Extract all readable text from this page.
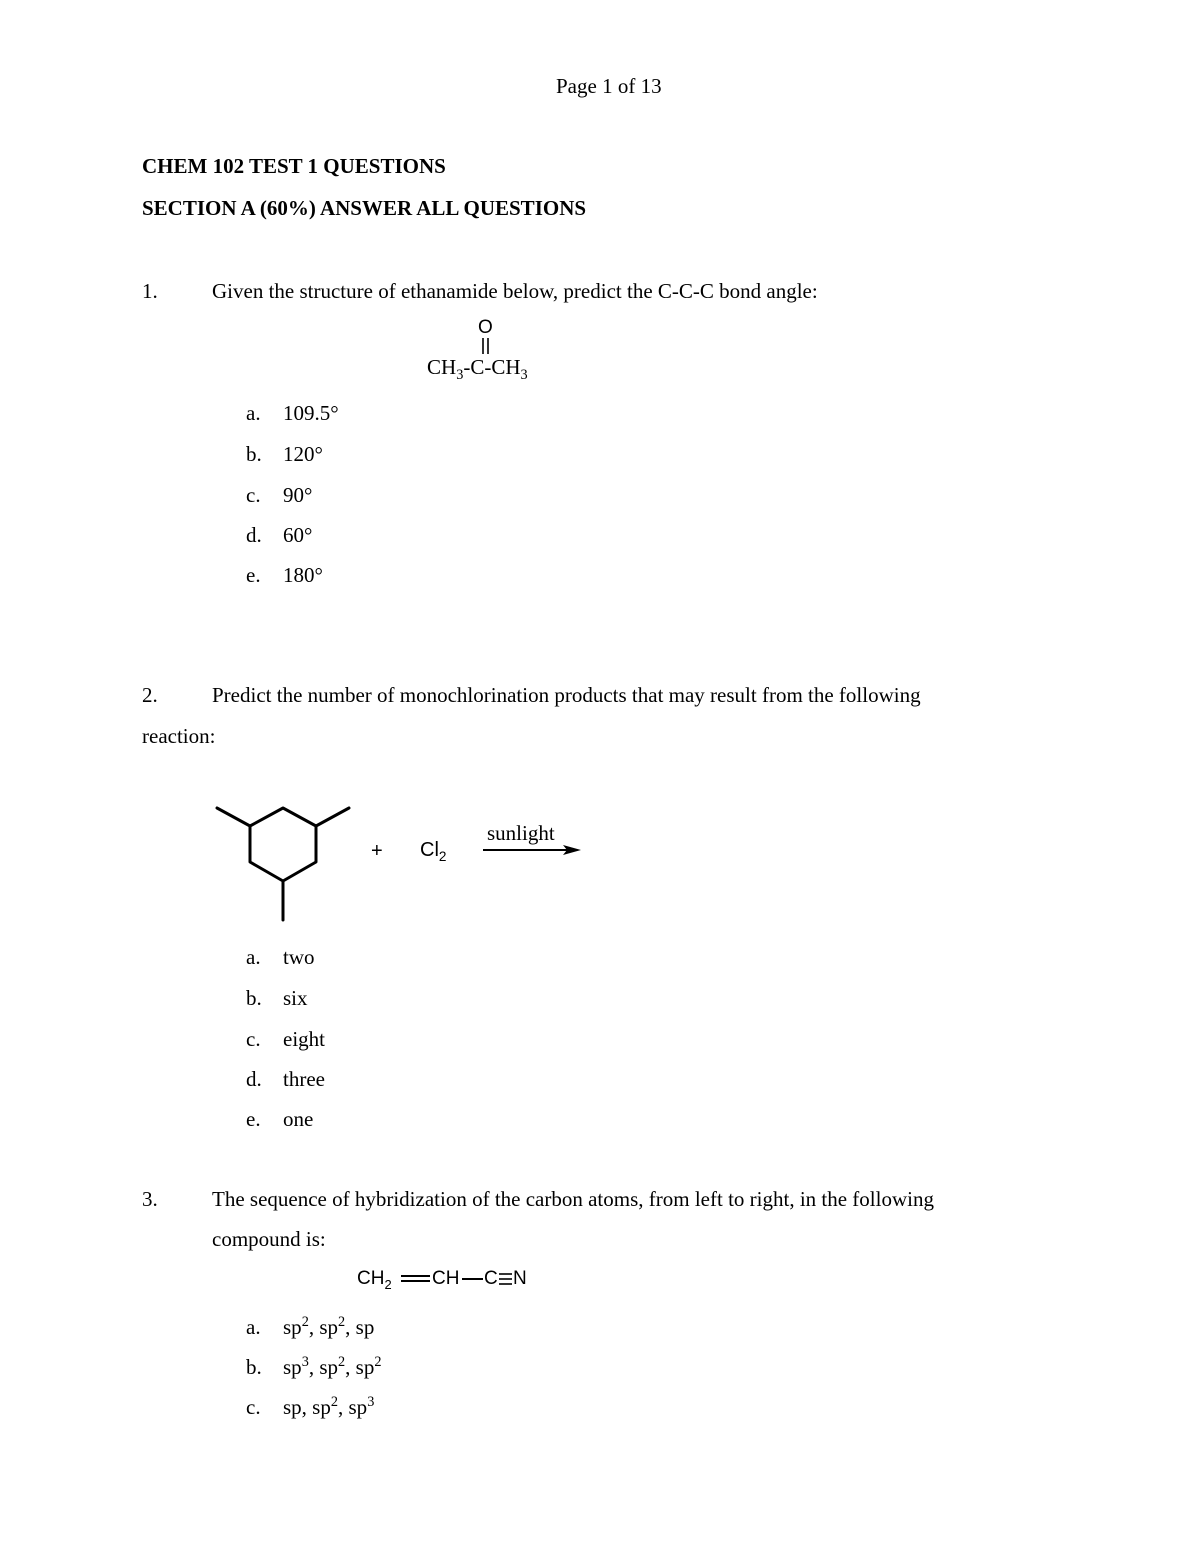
Page 1 of 13
CHEM 102 TEST 1 QUESTIONS
SECTION A (60%) ANSWER ALL QUESTIONS
1.	Given the structure of ethanamide below, predict the C-C-C bond angle:
O
$CH_3-C-CH_3$
a.	109.5°
b.	120°
c.	90°
d.	60°
e.	180°
2.	Predict the number of monochlorination products that may result from the following
reaction:
+ $Cl_2$
sunlight
a.	two
b.	six
c.	eight
d.	three
e.	one
3.	The sequence of hybridization of the carbon atoms, from left to right, in the following
compound is:
$CH_2$ CH C N
a.	$sp^2$, $sp^2$, sp
b.	$sp^3$, $sp^2$, $sp^2$
c.	sp, $sp^2$, $sp^3$
